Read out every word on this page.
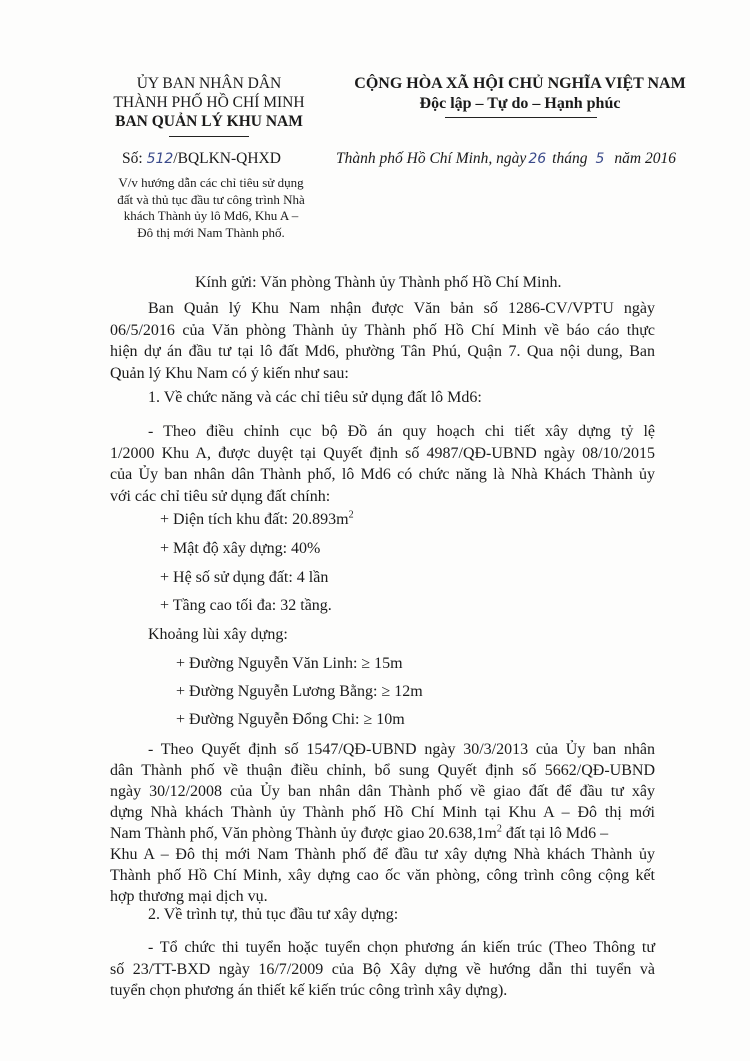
ỦY BAN NHÂN DÂN
THÀNH PHỐ HỒ CHÍ MINH
BAN QUẢN LÝ KHU NAM
CỘNG HÒA XÃ HỘI CHỦ NGHĨA VIỆT NAM
Độc lập – Tự do – Hạnh phúc
Số: 512/BQLKN-QHXD	Thành phố Hồ Chí Minh, ngày 26 tháng 5 năm 2016
V/v hướng dẫn các chỉ tiêu sử dụng
đất và thủ tục đầu tư công trình Nhà
khách Thành ủy lô Md6, Khu A –
Đô thị mới Nam Thành phố.
Kính gửi: Văn phòng Thành ủy Thành phố Hồ Chí Minh.
Ban Quản lý Khu Nam nhận được Văn bản số 1286-CV/VPTU ngày
06/5/2016 của Văn phòng Thành ủy Thành phố Hồ Chí Minh về báo cáo thực
hiện dự án đầu tư tại lô đất Md6, phường Tân Phú, Quận 7. Qua nội dung, Ban
Quản lý Khu Nam có ý kiến như sau:
1. Về chức năng và các chỉ tiêu sử dụng đất lô Md6:
- Theo điều chỉnh cục bộ Đồ án quy hoạch chi tiết xây dựng tỷ lệ
1/2000 Khu A, được duyệt tại Quyết định số 4987/QĐ-UBND ngày 08/10/2015
của Ủy ban nhân dân Thành phố, lô Md6 có chức năng là Nhà Khách Thành ủy
với các chỉ tiêu sử dụng đất chính:
+ Diện tích khu đất: $20.893m^2$
+ Mật độ xây dựng: 40%
+ Hệ số sử dụng đất: 4 lần
+ Tầng cao tối đa: 32 tầng.
Khoảng lùi xây dựng:
+ Đường Nguyễn Văn Linh: ≥ 15m
+ Đường Nguyễn Lương Bằng: ≥ 12m
+ Đường Nguyễn Đổng Chi: ≥ 10m
- Theo Quyết định số 1547/QĐ-UBND ngày 30/3/2013 của Ủy ban nhân
dân Thành phố về thuận điều chỉnh, bổ sung Quyết định số 5662/QĐ-UBND
ngày 30/12/2008 của Ủy ban nhân dân Thành phố về giao đất để đầu tư xây
dựng Nhà khách Thành ủy Thành phố Hồ Chí Minh tại Khu A – Đô thị mới
Nam Thành phố, Văn phòng Thành ủy được giao $20.638,1m^2$ đất tại lô Md6 –
Khu A – Đô thị mới Nam Thành phố để đầu tư xây dựng Nhà khách Thành ủy
Thành phố Hồ Chí Minh, xây dựng cao ốc văn phòng, công trình công cộng kết
hợp thương mại dịch vụ.
2. Về trình tự, thủ tục đầu tư xây dựng:
- Tổ chức thi tuyển hoặc tuyển chọn phương án kiến trúc (Theo Thông tư
số 23/TT-BXD ngày 16/7/2009 của Bộ Xây dựng về hướng dẫn thi tuyển và
tuyển chọn phương án thiết kế kiến trúc công trình xây dựng).
